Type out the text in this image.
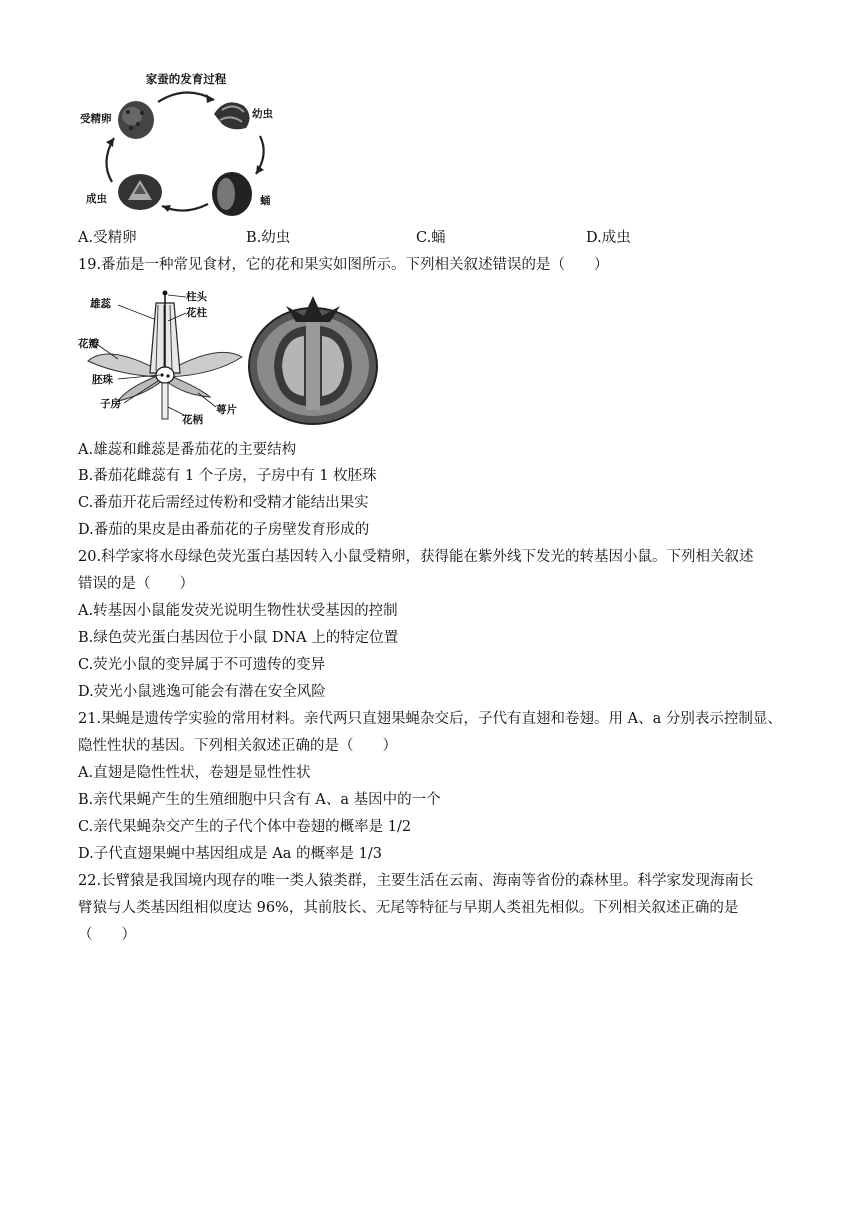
家蚕的发育过程
受精卵	幼虫
蛹
成虫
A.受精卵	B.幼虫	C.蛹	D.成虫
19.番茄是一种常见食材，它的花和果实如图所示。下列相关叙述错误的是（　　）
雄蕊
柱头
花柱
花瓣
胚珠
子房
花柄
萼片
A.雄蕊和雌蕊是番茄花的主要结构
B.番茄花雌蕊有 1 个子房，子房中有 1 枚胚珠
C.番茄开花后需经过传粉和受精才能结出果实
D.番茄的果皮是由番茄花的子房壁发育形成的
20.科学家将水母绿色荧光蛋白基因转入小鼠受精卵，获得能在紫外线下发光的转基因小鼠。下列相关叙述
错误的是（　　）
A.转基因小鼠能发荧光说明生物性状受基因的控制
B.绿色荧光蛋白基因位于小鼠 DNA 上的特定位置
C.荧光小鼠的变异属于不可遗传的变异
D.荧光小鼠逃逸可能会有潜在安全风险
21.果蝇是遗传学实验的常用材料。亲代两只直翅果蝇杂交后，子代有直翅和卷翅。用 A、a 分别表示控制显、
隐性性状的基因。下列相关叙述正确的是（　　）
A.直翅是隐性性状，卷翅是显性性状
B.亲代果蝇产生的生殖细胞中只含有 A、a 基因中的一个
C.亲代果蝇杂交产生的子代个体中卷翅的概率是 1/2
D.子代直翅果蝇中基因组成是 Aa 的概率是 1/3
22.长臂猿是我国境内现存的唯一类人猿类群，主要生活在云南、海南等省份的森林里。科学家发现海南长
臂猿与人类基因组相似度达 96%，其前肢长、无尾等特征与早期人类祖先相似。下列相关叙述正确的是
（　　）
